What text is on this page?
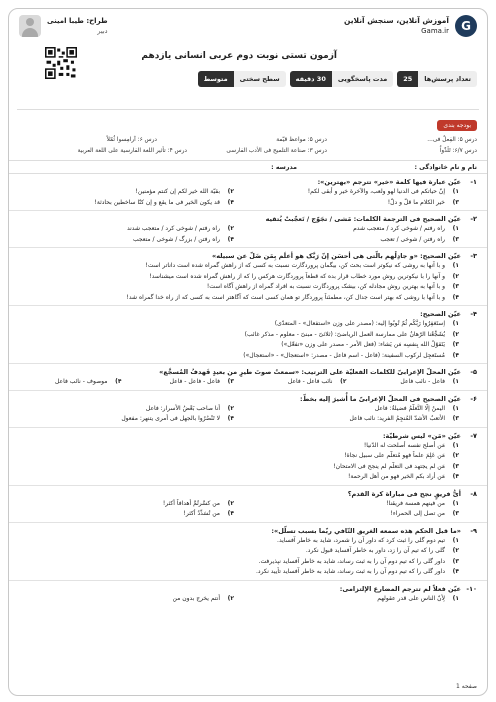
G
آموزش آنلاین، سنجش آنلاین
Gama.ir
طراح: طیبا امینی
دبیر
آزمون تستی نوبت دوم عربی انسانی یازدهم
تعداد پرسش‌ها
25
مدت پاسخگویی
30 دقیقه
سطح سختی
متوسط
بودجه بندی
درس ۵: الفِعلُ فی...
درس ۵: مواعظ قیّمة
درس ۶: آرامِسوا ثُمّلاً
درس ۶/۷: تَلَذّواُ
درس ۳: صناعة التلمیح فی الأدب الفارسی
درس ۴: تأثیر اللغة الفارسیة علی اللغة العربیة
نام و نام خانوادگی :
مدرسه :
۱-
عیّن عبارة فیها کلمة «خیر» تترجم «بهترین»:
۱)
إنّ حیاتکم فی الدنیا لهو ولعب، والآخرة خیر و أبقی لکم!
۲)
بقیّة الله خیر لکم إن کنتم مؤمنین!
۳)
خیر الکلام ما قلّ و دلّ!
۴)
قد یکون الخیر فی ما یقع و إن کنّا ساخطین بحادثة!
۲-
عیّن الصحیح فی الترجمة الکلمات: مَشی / تجَوّج / تَعجّبتْ یُتقیه
۱)
راه رفتم / شوخی کرد / متعجب شدم
۲)
راه رفتم / شوخی کرد / متعجب شدند
۳)
راه رفتن / شوخی / تعجب
۴)
راه رفتن / بزرگ / شوخی / متعجب
۳-
عیّن الصحیح: «و جادِلْهم بالّتی هی أحسَن إنّ رَبَّک هو أعلَم بِمَن ضَلّ عن سبیله»
۱)
و با آنها به روشی که نیکوتر است بحث کن، بیگمان پروردگارت نسبت به کسی که از راهش گمراه شده است داناتر است!
۲)
و آنها را با نیکوترین روش مورد خطاب قرار بده که قطعاً پروردگارت هرکس را که از راهش گمراه شده است میشناسد!
۳)
و با آنها به بهترین روش مجادله کن، بیشک پروردگارت نسبت به افراد گمراه از راهش آگاه است!
۴)
و با آنها با روشی که بهتر است جدال کن، مطمئناً پروردگار تو همان کسی است که آگاهتر است به کسی که از راه خدا گمراه شد!
۴-
عیّن الصحیح:
۱)
اِستَغفِرُوا رَبَّکُم ثُمّ تُوبُوا إلیه: (مصدر علی وزن «استفعال» - المتعدّی)
۲)
یُشَجِّعُنا الرّهانُ علی ممارسة العمل الریاضیّ: (ثلاثیّ - مبنیّ - معلوم - مذکر غائب)
۳)
یَتَقوّلُ الله بِنفسِه مَن یَشاء: (فعل الأمر - مصدر علی وزن «تفعّل»)
۴)
مُستَعجِل لرکوب السفینة: (فاعل - اسم فاعل - مصدر: «استعجال» - «استعجال»)
۵-
عیّن المحلّ الإعرابیّ للکلمات الفعلیّة علی الترتیب: «سمعتُ صوتَ طیرٍ من بعیدٍ فَهدفُ المُسجَّع»
۱)
فاعل - نائب فاعل
۲)
نائب فاعل - فاعل
۳)
فاعل - فاعل - فاعل
۴)
موصوف - نائب فاعل
۶-
عیّن الصحیح فی المحلّ الإعرابیّ ما أُشیرَ إلیه بخطّ:
۱)
الیمنُ إلّا التَّعلّمُ فضیلةٌ: فاعل
۲)
أنا صاحب بَعْضُ الأسرار: فاعل
۳)
الأتعبُ الأشدّ المُنجِمُ الفرید: نائب فاعل
۴)
لا تَنْصُرُوا بالجهل فی أمری یتنهر: مفعول
۷-
عیّن «مَن» لیس شرطیّة:
۱)
مَن أصلح نفسه أصلحت له الدّنیا!
۲)
مَن عَلِمَ علماً فهو مُتعلّم علی سبیل نجاة!
۳)
مَن لم یجتهد فی التعلّم لم ینجح فی الامتحان!
۴)
مَن أراد بکم الخیر فهو من أهل الرحمة!
۸-
أیُّ فریقٍ نجح فی مباراة کرة القدم؟
۱)
من فینهم همسة فریقنا!
۲)
من کسَّرتُمَّ أهدافاً أکثر!
۳)
من تصل إلی الحمراء!
۴)
من تُسَدِّدُ أکثر!
۹-
«ما قبل الحکم هذه سمعه الغریق التّافي ربّما بسبب تسلّل»:
۱)
تیم دوم گلی را ثبت کرد که داور آن را شمرد، شاید به خاطر آفساید.
۲)
گلی را که تیم آن را زد، داور به خاطر آفساید قبول نکرد.
۳)
داور گلی را که تیم دوم آن را به ثبت رساند، شاید به خاطر آفساید نپذیرفت.
۴)
داور گلی را که تیم دوم آن را به ثبت رساند، شاید به خاطر آفساید تأیید نکرد.
۱۰-
عیّن فعلاً لم تترجم المضارع الإلتزامی:
۱)
لِأنّ الناس علی قدر عقولهم
۲)
أنتم یخرج بدون من
صفحه 1
